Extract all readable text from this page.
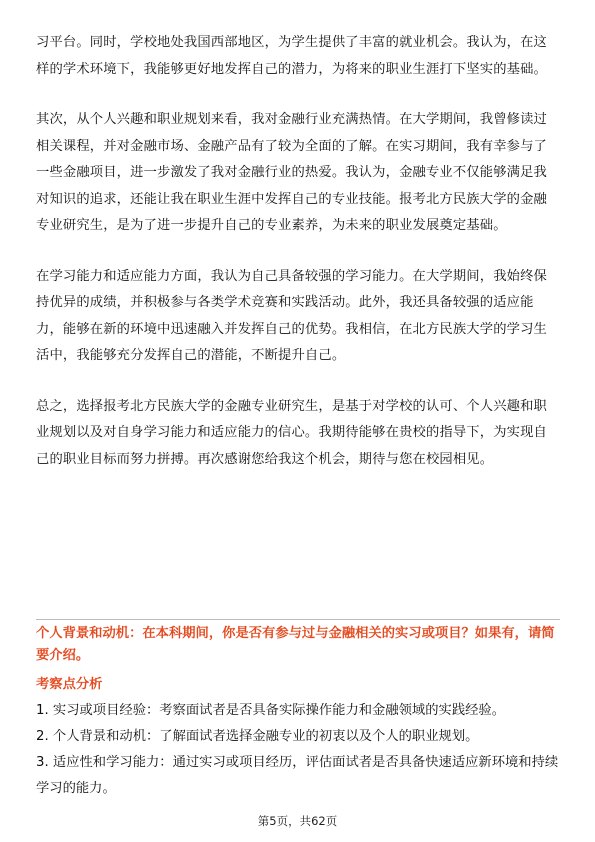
习平台。同时，学校地处我国西部地区，为学生提供了丰富的就业机会。我认为，在这样的学术环境下，我能够更好地发挥自己的潜力，为将来的职业生涯打下坚实的基础。

其次，从个人兴趣和职业规划来看，我对金融行业充满热情。在大学期间，我曾修读过相关课程，并对金融市场、金融产品有了较为全面的了解。在实习期间，我有幸参与了一些金融项目，进一步激发了我对金融行业的热爱。我认为，金融专业不仅能够满足我对知识的追求，还能让我在职业生涯中发挥自己的专业技能。报考北方民族大学的金融专业研究生，是为了进一步提升自己的专业素养，为未来的职业发展奠定基础。

在学习能力和适应能力方面，我认为自己具备较强的学习能力。在大学期间，我始终保持优异的成绩，并积极参与各类学术竞赛和实践活动。此外，我还具备较强的适应能力，能够在新的环境中迅速融入并发挥自己的优势。我相信，在北方民族大学的学习生活中，我能够充分发挥自己的潜能，不断提升自己。

总之，选择报考北方民族大学的金融专业研究生，是基于对学校的认可、个人兴趣和职业规划以及对自身学习能力和适应能力的信心。我期待能够在贵校的指导下，为实现自己的职业目标而努力拼搏。再次感谢您给我这个机会，期待与您在校园相见。

个人背景和动机：在本科期间，你是否有参与过与金融相关的实习或项目？如果有，请简要介绍。
考察点分析
1. 实习或项目经验：考察面试者是否具备实际操作能力和金融领域的实践经验。
2. 个人背景和动机：了解面试者选择金融专业的初衷以及个人的职业规划。
3. 适应性和学习能力：通过实习或项目经历，评估面试者是否具备快速适应新环境和持续学习的能力。
第5页，共62页
